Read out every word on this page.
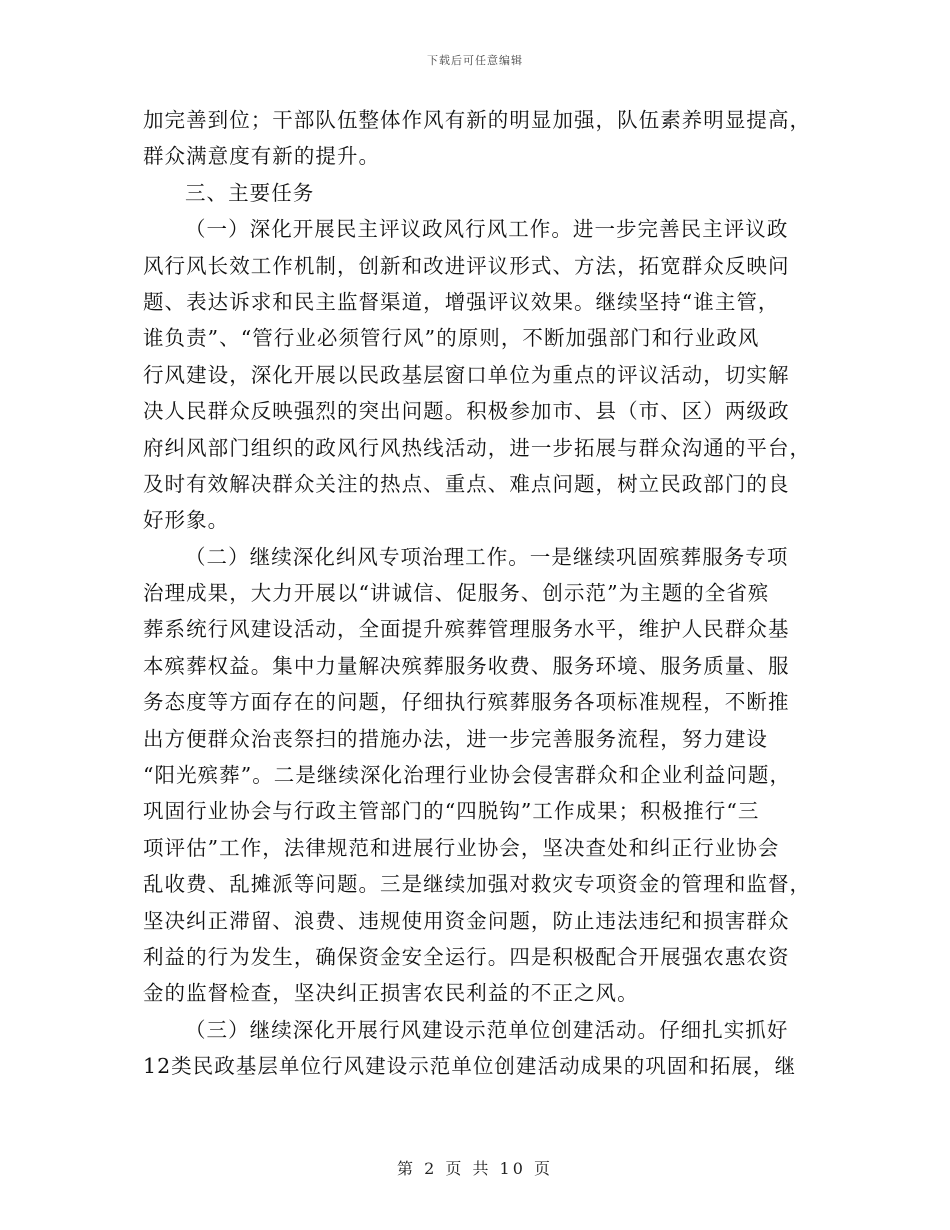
下载后可任意编辑
加完善到位；干部队伍整体作风有新的明显加强，队伍素养明显提高，
群众满意度有新的提升。
三、主要任务
（一）深化开展民主评议政风行风工作。进一步完善民主评议政
风行风长效工作机制，创新和改进评议形式、方法，拓宽群众反映问
题、表达诉求和民主监督渠道，增强评议效果。继续坚持“谁主管，
谁负责”、“管行业必须管行风”的原则，不断加强部门和行业政风
行风建设，深化开展以民政基层窗口单位为重点的评议活动，切实解
决人民群众反映强烈的突出问题。积极参加市、县（市、区）两级政
府纠风部门组织的政风行风热线活动，进一步拓展与群众沟通的平台，
及时有效解决群众关注的热点、重点、难点问题，树立民政部门的良
好形象。
（二）继续深化纠风专项治理工作。一是继续巩固殡葬服务专项
治理成果，大力开展以“讲诚信、促服务、创示范”为主题的全省殡
葬系统行风建设活动，全面提升殡葬管理服务水平，维护人民群众基
本殡葬权益。集中力量解决殡葬服务收费、服务环境、服务质量、服
务态度等方面存在的问题，仔细执行殡葬服务各项标准规程，不断推
出方便群众治丧祭扫的措施办法，进一步完善服务流程，努力建设
“阳光殡葬”。二是继续深化治理行业协会侵害群众和企业利益问题，
巩固行业协会与行政主管部门的“四脱钩”工作成果；积极推行“三
项评估”工作，法律规范和进展行业协会，坚决查处和纠正行业协会
乱收费、乱摊派等问题。三是继续加强对救灾专项资金的管理和监督，
坚决纠正滞留、浪费、违规使用资金问题，防止违法违纪和损害群众
利益的行为发生，确保资金安全运行。四是积极配合开展强农惠农资
金的监督检查，坚决纠正损害农民利益的不正之风。
（三）继续深化开展行风建设示范单位创建活动。仔细扎实抓好
12类民政基层单位行风建设示范单位创建活动成果的巩固和拓展，继
第 2 页 共 10 页
